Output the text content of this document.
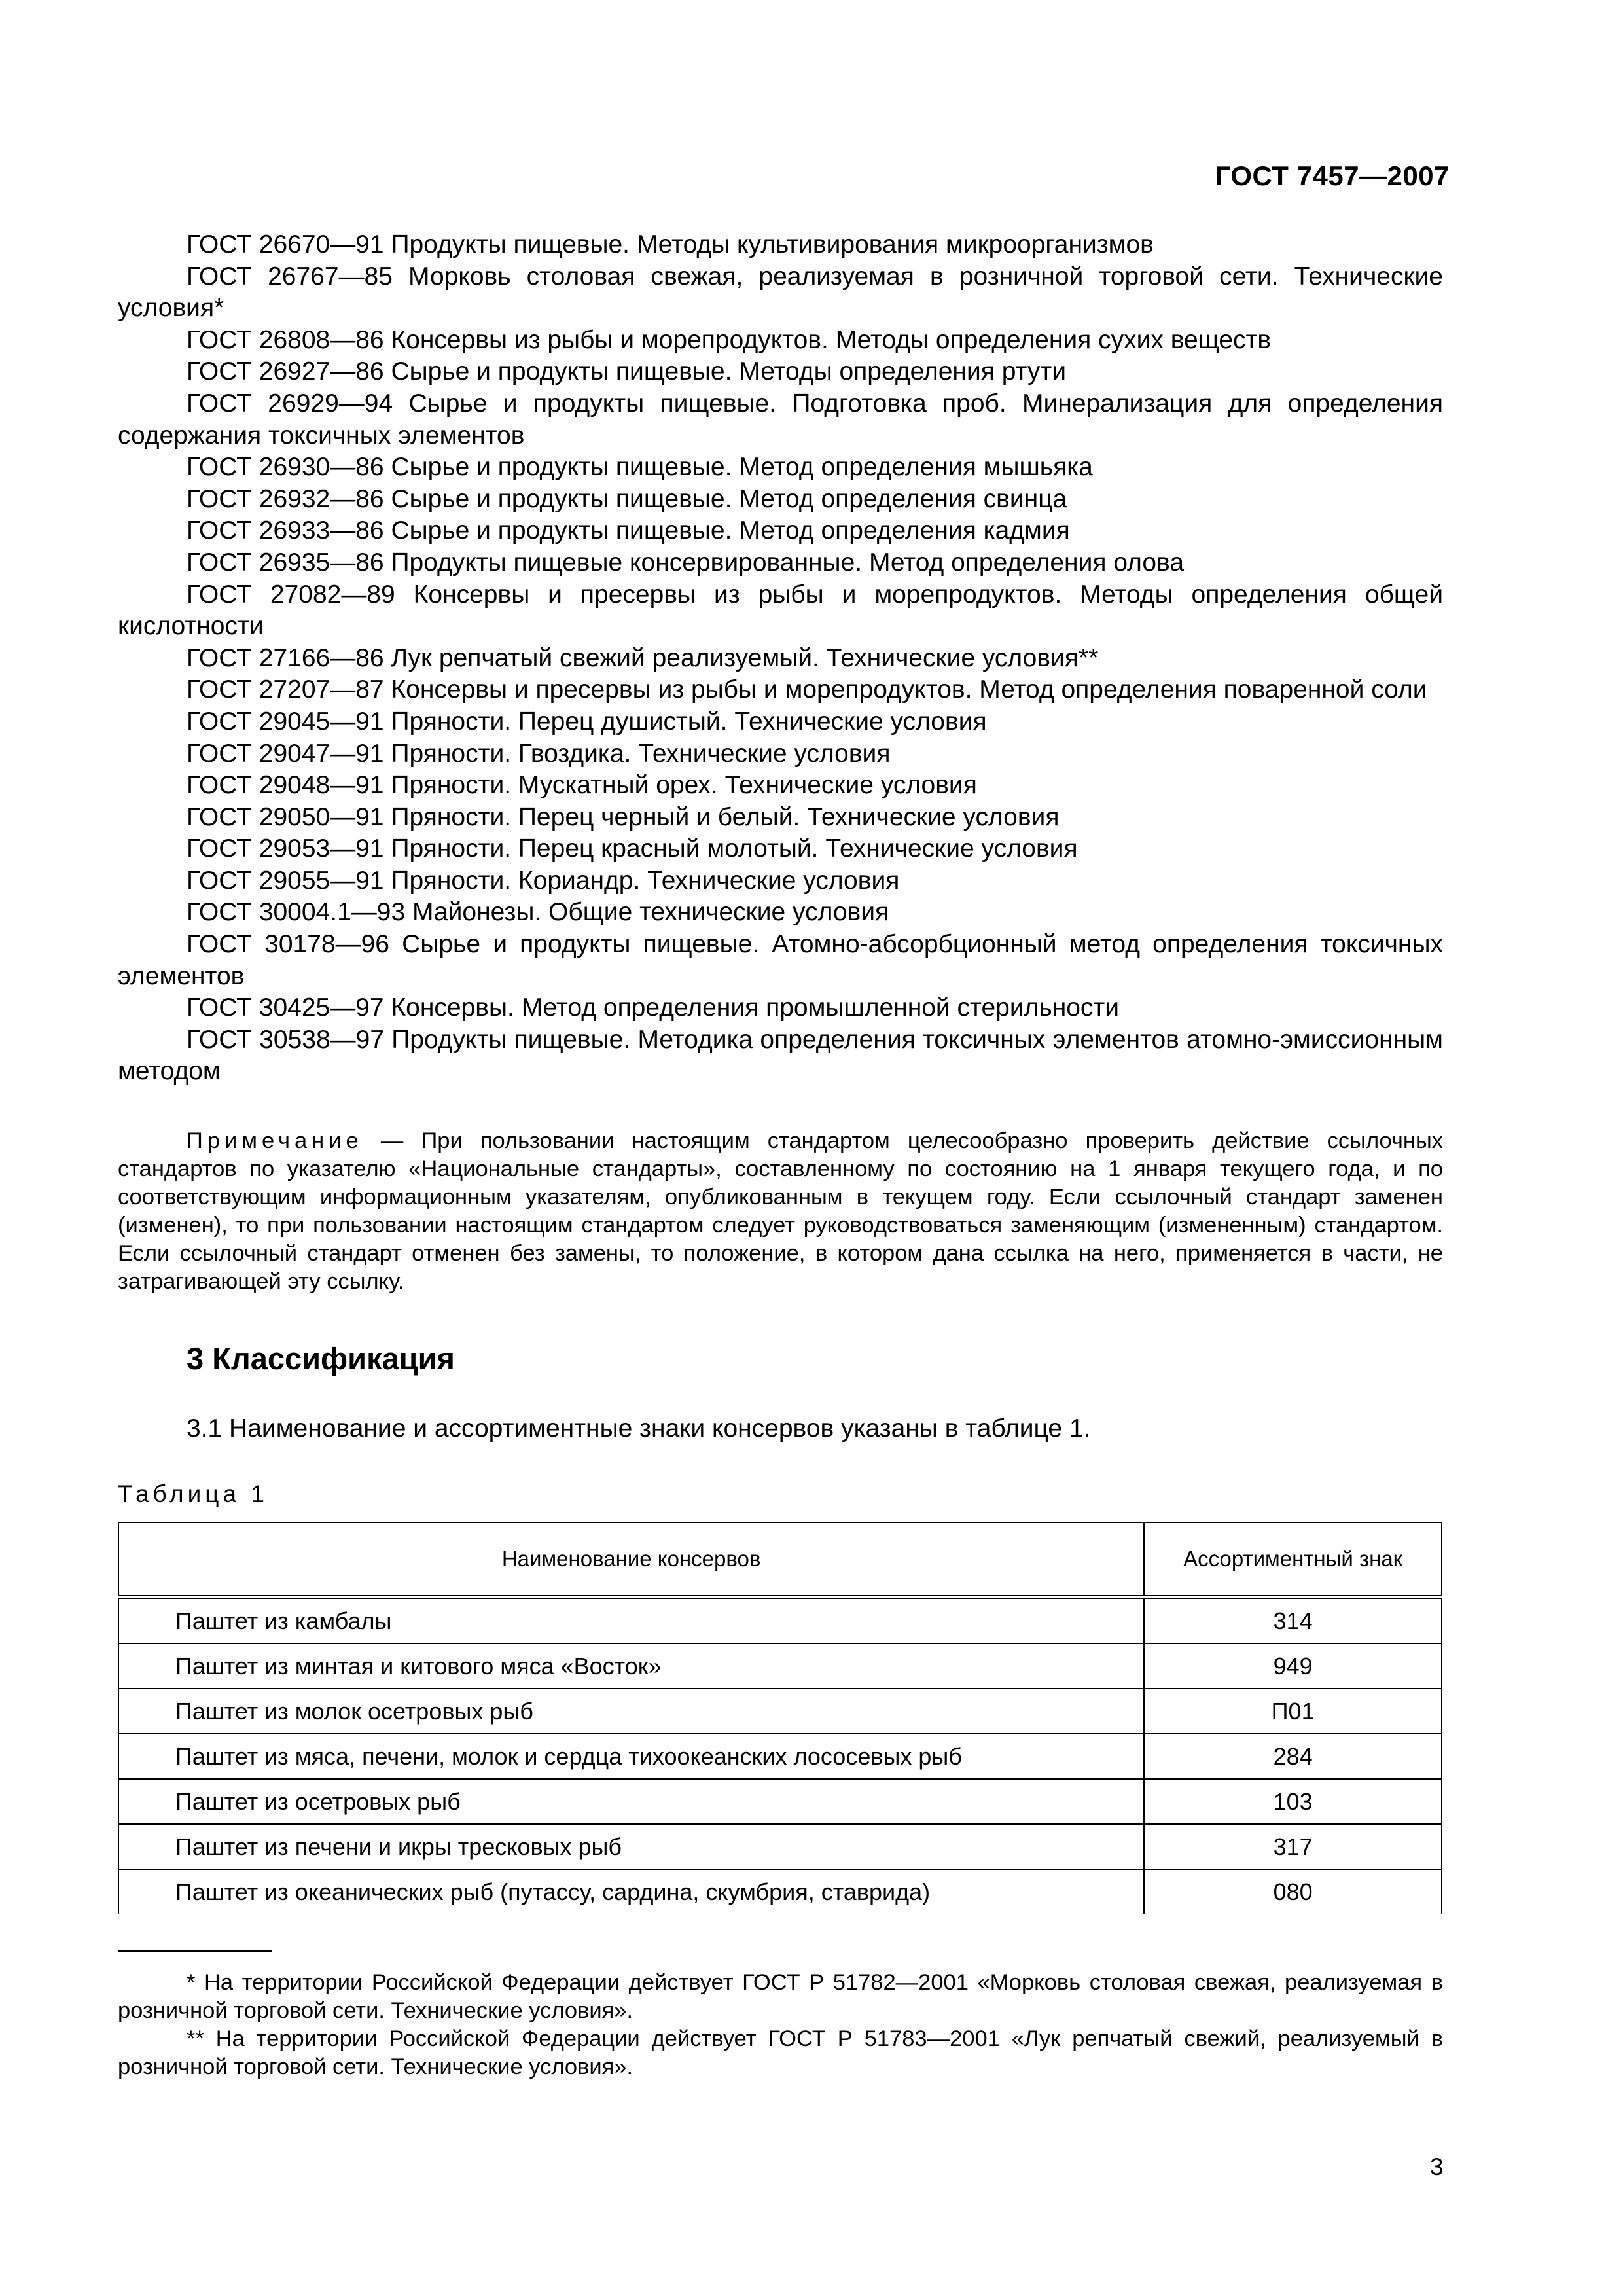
ГОСТ 7457—2007

ГОСТ 26670—91 Продукты пищевые. Методы культивирования микроорганизмов

ГОСТ 26767—85 Морковь столовая свежая, реализуемая в розничной торговой сети. Технические условия*

ГОСТ 26808—86 Консервы из рыбы и морепродуктов. Методы определения сухих веществ

ГОСТ 26927—86 Сырье и продукты пищевые. Методы определения ртути

ГОСТ 26929—94 Сырье и продукты пищевые. Подготовка проб. Минерализация для определения содержания токсичных элементов

ГОСТ 26930—86 Сырье и продукты пищевые. Метод определения мышьяка

ГОСТ 26932—86 Сырье и продукты пищевые. Метод определения свинца

ГОСТ 26933—86 Сырье и продукты пищевые. Метод определения кадмия

ГОСТ 26935—86 Продукты пищевые консервированные. Метод определения олова

ГОСТ 27082—89 Консервы и пресервы из рыбы и морепродуктов. Методы определения общей кислотности

ГОСТ 27166—86 Лук репчатый свежий реализуемый. Технические условия**

ГОСТ 27207—87 Консервы и пресервы из рыбы и морепродуктов. Метод определения поваренной соли

ГОСТ 29045—91 Пряности. Перец душистый. Технические условия

ГОСТ 29047—91 Пряности. Гвоздика. Технические условия

ГОСТ 29048—91 Пряности. Мускатный орех. Технические условия

ГОСТ 29050—91 Пряности. Перец черный и белый. Технические условия

ГОСТ 29053—91 Пряности. Перец красный молотый. Технические условия

ГОСТ 29055—91 Пряности. Кориандр. Технические условия

ГОСТ 30004.1—93 Майонезы. Общие технические условия

ГОСТ 30178—96 Сырье и продукты пищевые. Атомно-абсорбционный метод определения токсичных элементов

ГОСТ 30425—97 Консервы. Метод определения промышленной стерильности

ГОСТ 30538—97 Продукты пищевые. Методика определения токсичных элементов атомно-эмиссионным методом

Примечание — При пользовании настоящим стандартом целесообразно проверить действие ссылочных стандартов по указателю «Национальные стандарты», составленному по состоянию на 1 января текущего года, и по соответствующим информационным указателям, опубликованным в текущем году. Если ссылочный стандарт заменен (изменен), то при пользовании настоящим стандартом следует руководствоваться заменяющим (измененным) стандартом. Если ссылочный стандарт отменен без замены, то положение, в котором дана ссылка на него, применяется в части, не затрагивающей эту ссылку.

3 Классификация
3.1 Наименование и ассортиментные знаки консервов указаны в таблице 1.
Таблица 1
Наименование консервов	Ассортиментный знак
Паштет из камбалы	314
Паштет из минтая и китового мяса «Восток»	949
Паштет из молок осетровых рыб	П01
Паштет из мяса, печени, молок и сердца тихоокеанских лососевых рыб	284
Паштет из осетровых рыб	103
Паштет из печени и икры тресковых рыб	317
Паштет из океанических рыб (путассу, сардина, скумбрия, ставрида)	080

* На территории Российской Федерации действует ГОСТ Р 51782—2001 «Морковь столовая свежая, реализуемая в розничной торговой сети. Технические условия».

** На территории Российской Федерации действует ГОСТ Р 51783—2001 «Лук репчатый свежий, реализуемый в розничной торговой сети. Технические условия».

3
